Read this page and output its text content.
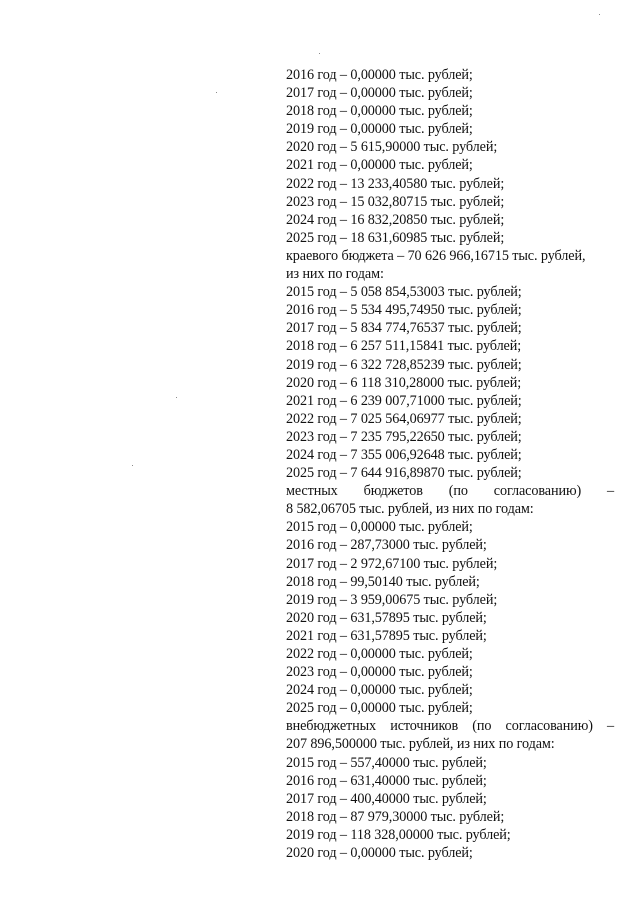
2016 год – 0,00000 тыс. рублей;
2017 год – 0,00000 тыс. рублей;
2018 год – 0,00000 тыс. рублей;
2019 год – 0,00000 тыс. рублей;
2020 год – 5 615,90000 тыс. рублей;
2021 год – 0,00000 тыс. рублей;
2022 год – 13 233,40580 тыс. рублей;
2023 год – 15 032,80715 тыс. рублей;
2024 год – 16 832,20850 тыс. рублей;
2025 год – 18 631,60985 тыс. рублей;
краевого бюджета – 70 626 966,16715 тыс. рублей,
из них по годам:
2015 год – 5 058 854,53003 тыс. рублей;
2016 год – 5 534 495,74950 тыс. рублей;
2017 год – 5 834 774,76537 тыс. рублей;
2018 год – 6 257 511,15841 тыс. рублей;
2019 год – 6 322 728,85239 тыс. рублей;
2020 год – 6 118 310,28000 тыс. рублей;
2021 год – 6 239 007,71000 тыс. рублей;
2022 год – 7 025 564,06977 тыс. рублей;
2023 год – 7 235 795,22650 тыс. рублей;
2024 год – 7 355 006,92648 тыс. рублей;
2025 год – 7 644 916,89870 тыс. рублей;
местных бюджетов (по согласованию) –
8 582,06705 тыс. рублей, из них по годам:
2015 год – 0,00000 тыс. рублей;
2016 год – 287,73000 тыс. рублей;
2017 год – 2 972,67100 тыс. рублей;
2018 год – 99,50140 тыс. рублей;
2019 год – 3 959,00675 тыс. рублей;
2020 год – 631,57895 тыс. рублей;
2021 год – 631,57895 тыс. рублей;
2022 год – 0,00000 тыс. рублей;
2023 год – 0,00000 тыс. рублей;
2024 год – 0,00000 тыс. рублей;
2025 год – 0,00000 тыс. рублей;
внебюджетных источников (по согласованию) –
207 896,500000 тыс. рублей, из них по годам:
2015 год – 557,40000 тыс. рублей;
2016 год – 631,40000 тыс. рублей;
2017 год – 400,40000 тыс. рублей;
2018 год – 87 979,30000 тыс. рублей;
2019 год – 118 328,00000 тыс. рублей;
2020 год – 0,00000 тыс. рублей;
